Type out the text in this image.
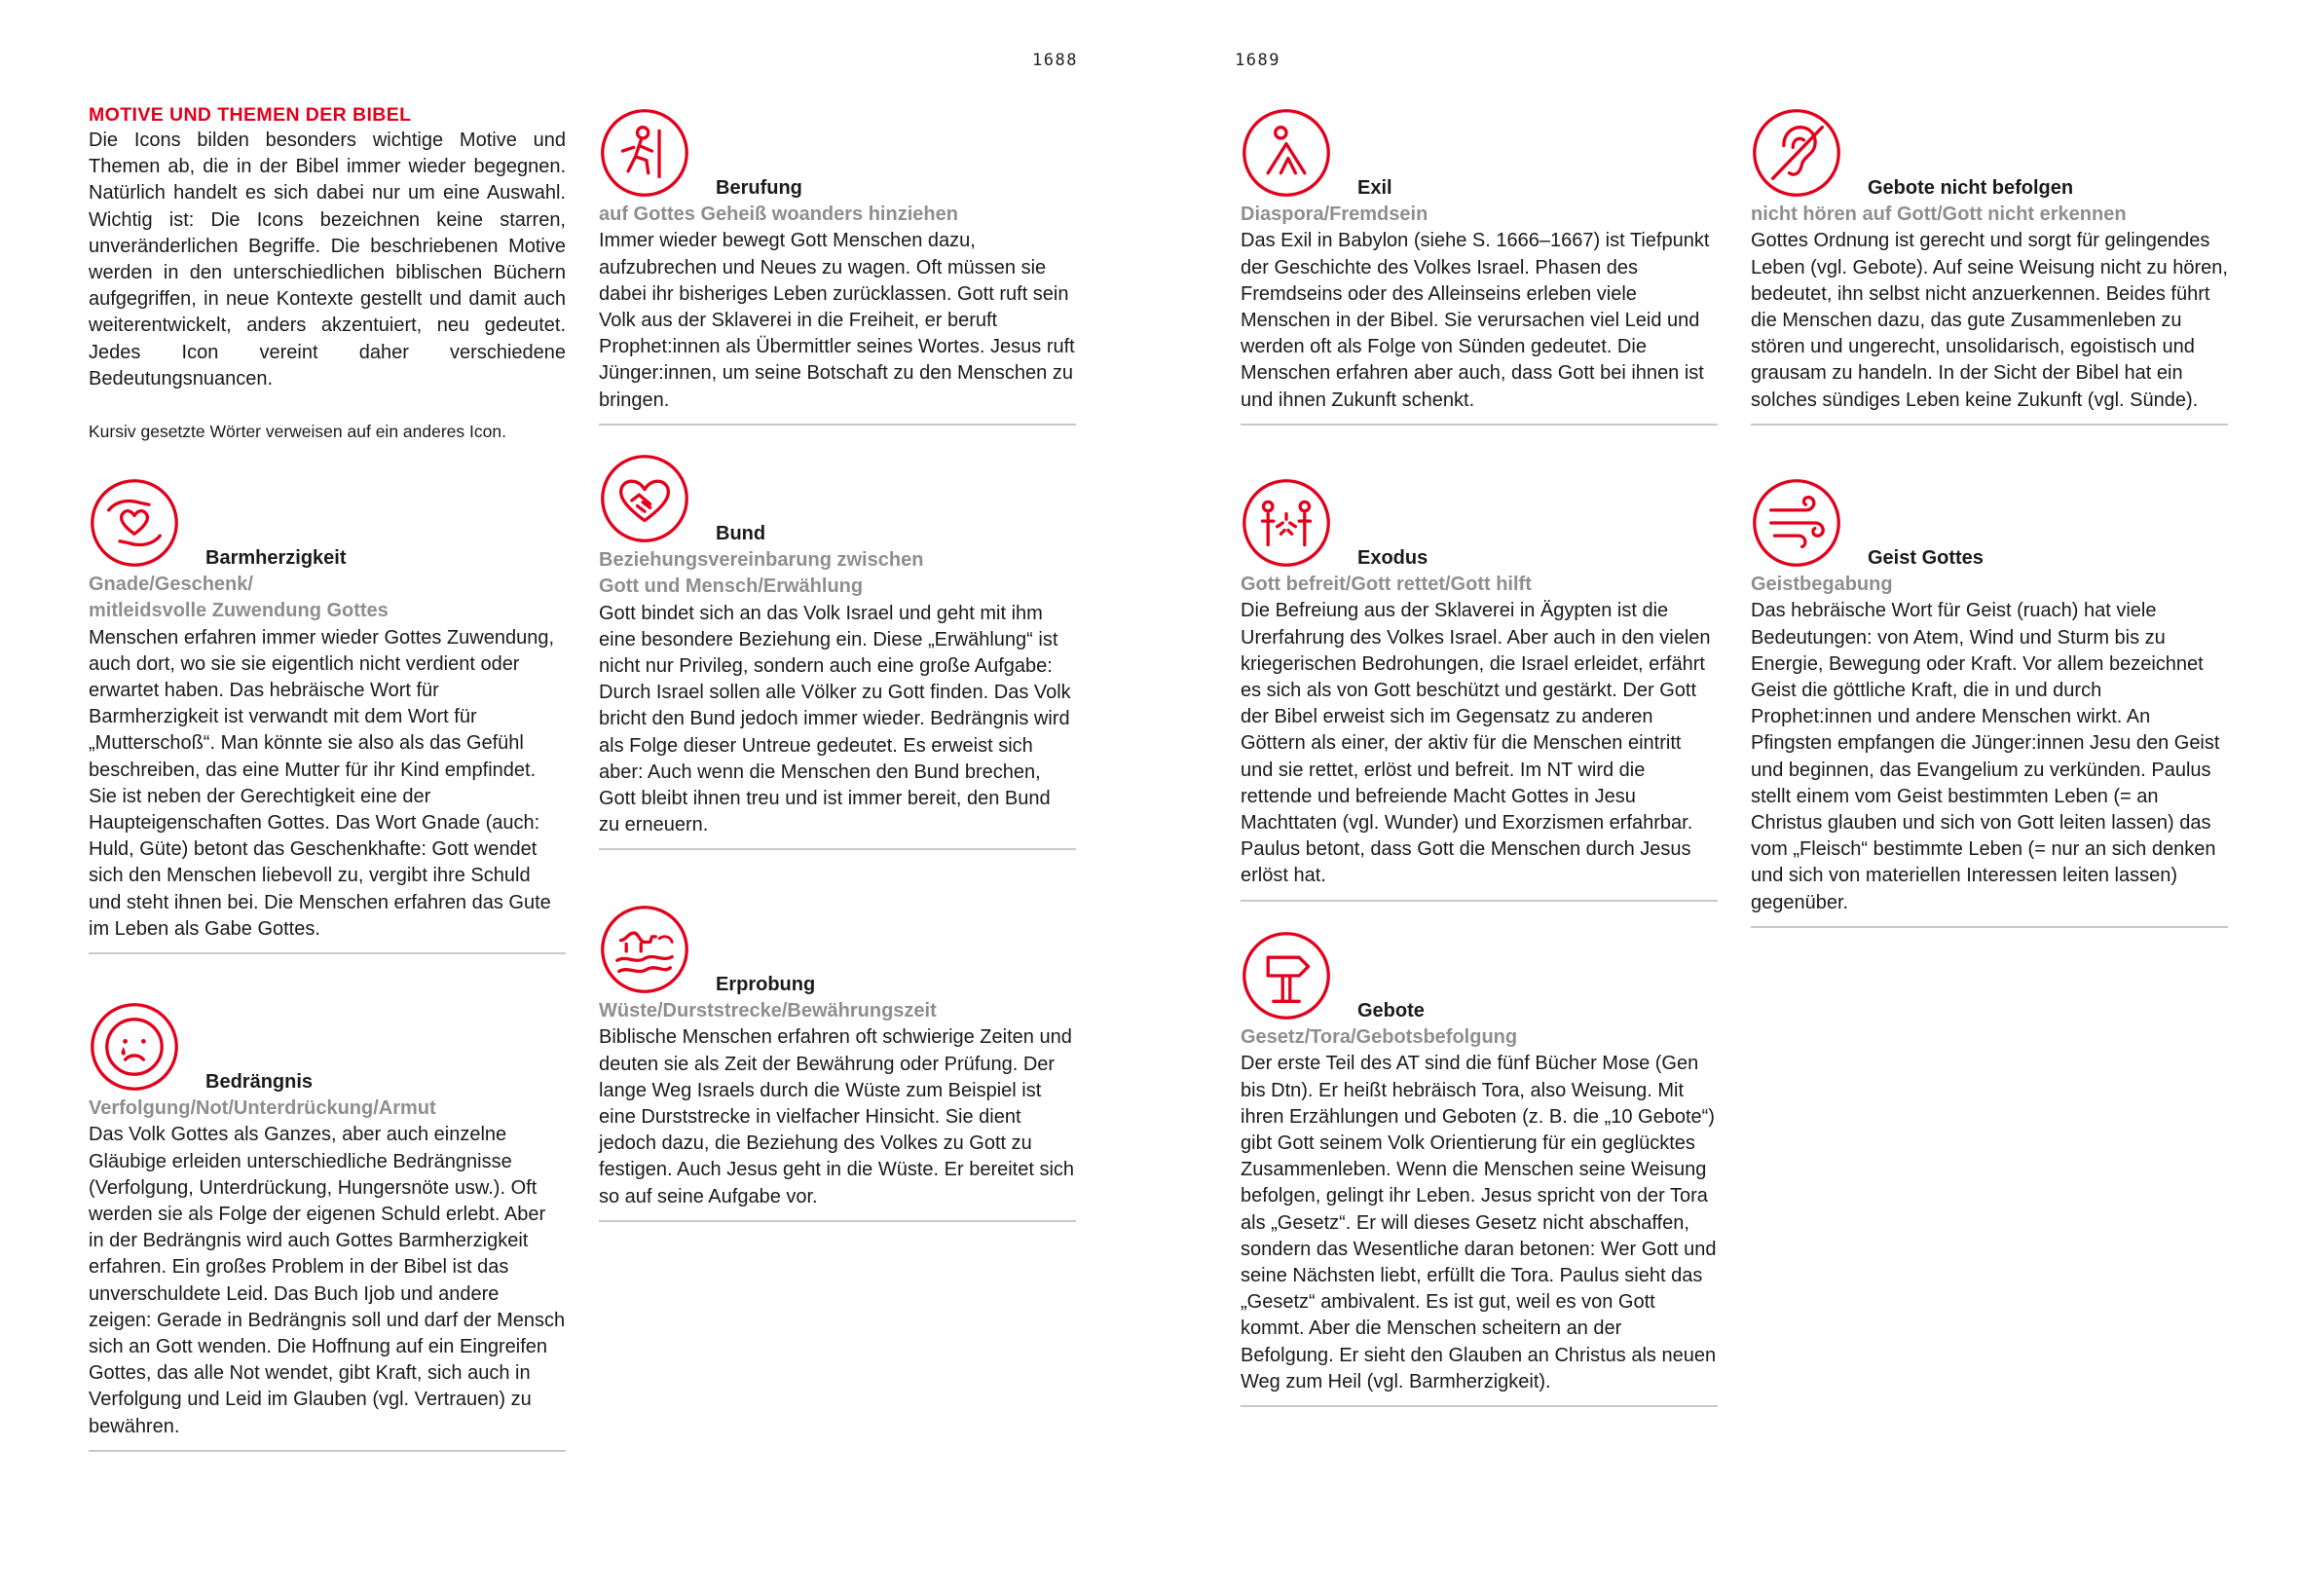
1688	1689
MOTIVE UND THEMEN DER BIBEL

Die Icons bilden besonders wichtige Motive und Themen ab, die in der Bibel immer wieder begegnen. Natürlich handelt es sich dabei nur um eine Auswahl. Wichtig ist: Die Icons bezeichnen keine starren, unveränderlichen Begriffe. Die beschriebenen Motive werden in den unterschiedlichen biblischen Büchern aufgegriffen, in neue Kontexte gestellt und damit auch weiterentwickelt, anders akzentuiert, neu gedeutet. Jedes Icon vereint daher verschiedene Bedeutungsnuancen.

Kursiv gesetzte Wörter verweisen auf ein anderes Icon.
Barmherzigkeit
Gnade/Geschenk/
mitleidsvolle Zuwendung Gottes
Menschen erfahren immer wieder Gottes Zuwendung, auch dort, wo sie sie eigentlich nicht verdient oder erwartet haben. Das hebräische Wort für Barmherzigkeit ist verwandt mit dem Wort für „Mutterschoß“. Man könnte sie also als das Gefühl beschreiben, das eine Mutter für ihr Kind empfindet. Sie ist neben der Gerechtigkeit eine der Haupteigenschaften Gottes. Das Wort Gnade (auch: Huld, Güte) betont das Geschenkhafte: Gott wendet sich den Menschen liebevoll zu, vergibt ihre Schuld und steht ihnen bei. Die Menschen erfahren das Gute im Leben als Gabe Gottes.
Bedrängnis
Verfolgung/Not/Unterdrückung/Armut
Das Volk Gottes als Ganzes, aber auch einzelne Gläubige erleiden unterschiedliche Bedrängnisse (Verfolgung, Unterdrückung, Hungersnöte usw.). Oft werden sie als Folge der eigenen Schuld erlebt. Aber in der Bedrängnis wird auch Gottes Barmherzigkeit erfahren. Ein großes Problem in der Bibel ist das unverschuldete Leid. Das Buch Ijob und andere zeigen: Gerade in Bedrängnis soll und darf der Mensch sich an Gott wenden. Die Hoffnung auf ein Eingreifen Gottes, das alle Not wendet, gibt Kraft, sich auch in Verfolgung und Leid im Glauben (vgl. Vertrauen) zu bewähren.
Berufung
auf Gottes Geheiß woanders hinziehen
Immer wieder bewegt Gott Menschen dazu, aufzubrechen und Neues zu wagen. Oft müssen sie dabei ihr bisheriges Leben zurücklassen. Gott ruft sein Volk aus der Sklaverei in die Freiheit, er beruft Prophet:innen als Übermittler seines Wortes. Jesus ruft Jünger:innen, um seine Botschaft zu den Menschen zu bringen.
Bund
Beziehungsvereinbarung zwischen
Gott und Mensch/Erwählung
Gott bindet sich an das Volk Israel und geht mit ihm eine besondere Beziehung ein. Diese „Erwählung“ ist nicht nur Privileg, sondern auch eine große Aufgabe: Durch Israel sollen alle Völker zu Gott finden. Das Volk bricht den Bund jedoch immer wieder. Bedrängnis wird als Folge dieser Untreue gedeutet. Es erweist sich aber: Auch wenn die Menschen den Bund brechen, Gott bleibt ihnen treu und ist immer bereit, den Bund zu erneuern.
Erprobung
Wüste/Durststrecke/Bewährungszeit
Biblische Menschen erfahren oft schwierige Zeiten und deuten sie als Zeit der Bewährung oder Prüfung. Der lange Weg Israels durch die Wüste zum Beispiel ist eine Durststrecke in vielfacher Hinsicht. Sie dient jedoch dazu, die Beziehung des Volkes zu Gott zu festigen. Auch Jesus geht in die Wüste. Er bereitet sich so auf seine Aufgabe vor.
Exil
Diaspora/Fremdsein
Das Exil in Babylon (siehe S. 1666–1667) ist Tiefpunkt der Geschichte des Volkes Israel. Phasen des Fremdseins oder des Alleinseins erleben viele Menschen in der Bibel. Sie verursachen viel Leid und werden oft als Folge von Sünden gedeutet. Die Menschen erfahren aber auch, dass Gott bei ihnen ist und ihnen Zukunft schenkt.
Exodus
Gott befreit/Gott rettet/Gott hilft
Die Befreiung aus der Sklaverei in Ägypten ist die Urerfahrung des Volkes Israel. Aber auch in den vielen kriegerischen Bedrohungen, die Israel erleidet, erfährt es sich als von Gott beschützt und gestärkt. Der Gott der Bibel erweist sich im Gegensatz zu anderen Göttern als einer, der aktiv für die Menschen eintritt und sie rettet, erlöst und befreit. Im NT wird die rettende und befreiende Macht Gottes in Jesu Machttaten (vgl. Wunder) und Exorzismen erfahrbar. Paulus betont, dass Gott die Menschen durch Jesus erlöst hat.
Gebote
Gesetz/Tora/Gebotsbefolgung
Der erste Teil des AT sind die fünf Bücher Mose (Gen bis Dtn). Er heißt hebräisch Tora, also Weisung. Mit ihren Erzählungen und Geboten (z. B. die „10 Gebote“) gibt Gott seinem Volk Orientierung für ein geglücktes Zusammenleben. Wenn die Menschen seine Weisung befolgen, gelingt ihr Leben. Jesus spricht von der Tora als „Gesetz“. Er will dieses Gesetz nicht abschaffen, sondern das Wesentliche daran betonen: Wer Gott und seine Nächsten liebt, erfüllt die Tora. Paulus sieht das „Gesetz“ ambivalent. Es ist gut, weil es von Gott kommt. Aber die Menschen scheitern an der Befolgung. Er sieht den Glauben an Christus als neuen Weg zum Heil (vgl. Barmherzigkeit).
Gebote nicht befolgen
nicht hören auf Gott/Gott nicht erkennen
Gottes Ordnung ist gerecht und sorgt für gelingendes Leben (vgl. Gebote). Auf seine Weisung nicht zu hören, bedeutet, ihn selbst nicht anzuerkennen. Beides führt die Menschen dazu, das gute Zusammenleben zu stören und ungerecht, unsolidarisch, egoistisch und grausam zu handeln. In der Sicht der Bibel hat ein solches sündiges Leben keine Zukunft (vgl. Sünde).
Geist Gottes
Geistbegabung
Das hebräische Wort für Geist (ruach) hat viele Bedeutungen: von Atem, Wind und Sturm bis zu Energie, Bewegung oder Kraft. Vor allem bezeichnet Geist die göttliche Kraft, die in und durch Prophet:innen und andere Menschen wirkt. An Pfingsten empfangen die Jünger:innen Jesu den Geist und beginnen, das Evangelium zu verkünden. Paulus stellt einem vom Geist bestimmten Leben (= an Christus glauben und sich von Gott leiten lassen) das vom „Fleisch“ bestimmte Leben (= nur an sich denken und sich von materiellen Interessen leiten lassen) gegenüber.
